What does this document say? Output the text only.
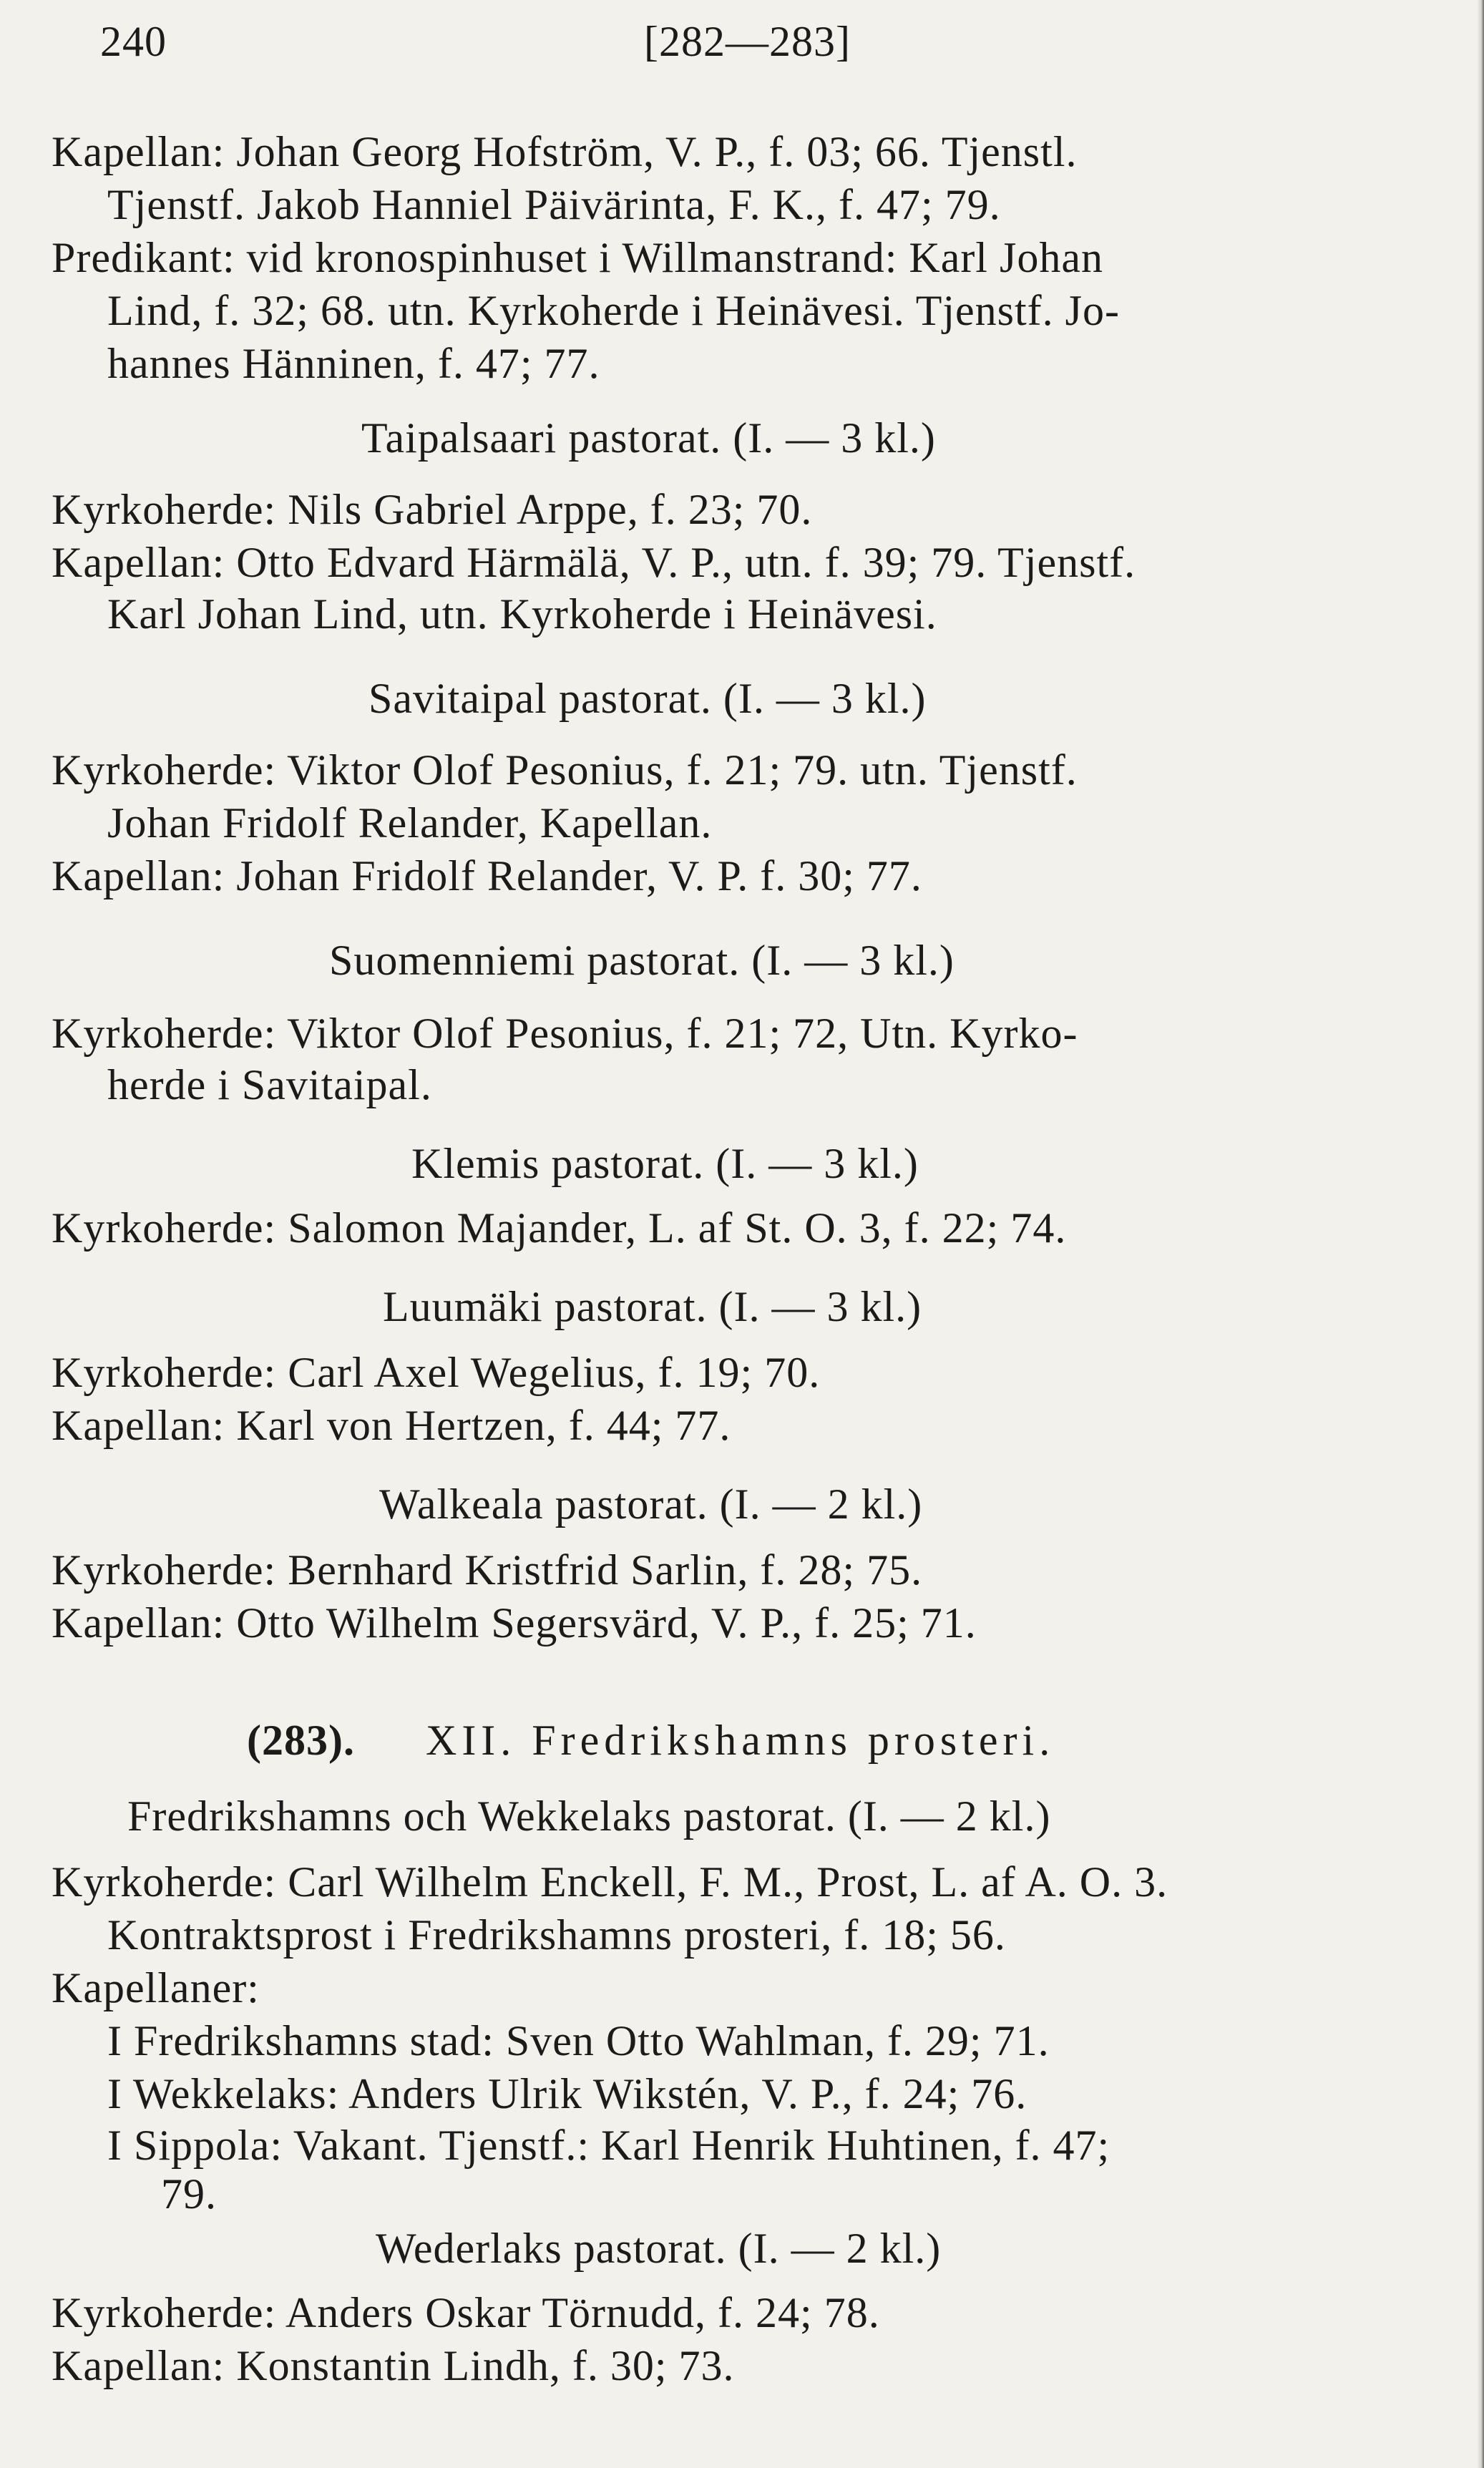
240	[282—283]
Kapellan: Johan Georg Hofström, V. P., f. 03; 66. Tjenstl.
Tjenstf. Jakob Hanniel Päivärinta, F. K., f. 47; 79.
Predikant: vid kronospinhuset i Willmanstrand: Karl Johan
Lind, f. 32; 68. utn. Kyrkoherde i Heinävesi. Tjenstf. Jo-
hannes Hänninen, f. 47; 77.
Taipalsaari pastorat. (I. — 3 kl.)
Kyrkoherde: Nils Gabriel Arppe, f. 23; 70.
Kapellan: Otto Edvard Härmälä, V. P., utn. f. 39; 79. Tjenstf.
Karl Johan Lind, utn. Kyrkoherde i Heinävesi.
Savitaipal pastorat. (I. — 3 kl.)
Kyrkoherde: Viktor Olof Pesonius, f. 21; 79. utn. Tjenstf.
Johan Fridolf Relander, Kapellan.
Kapellan: Johan Fridolf Relander, V. P. f. 30; 77.
Suomenniemi pastorat. (I. — 3 kl.)
Kyrkoherde: Viktor Olof Pesonius, f. 21; 72, Utn. Kyrko-
herde i Savitaipal.
Klemis pastorat. (I. — 3 kl.)
Kyrkoherde: Salomon Majander, L. af St. O. 3, f. 22; 74.
Luumäki pastorat. (I. — 3 kl.)
Kyrkoherde: Carl Axel Wegelius, f. 19; 70.
Kapellan: Karl von Hertzen, f. 44; 77.
Walkeala pastorat. (I. — 2 kl.)
Kyrkoherde: Bernhard Kristfrid Sarlin, f. 28; 75.
Kapellan: Otto Wilhelm Segersvärd, V. P., f. 25; 71.
(283). XII. Fredrikshamns prosteri.
Fredrikshamns och Wekkelaks pastorat. (I. — 2 kl.)
Kyrkoherde: Carl Wilhelm Enckell, F. M., Prost, L. af A. O. 3.
Kontraktsprost i Fredrikshamns prosteri, f. 18; 56.
Kapellaner:
I Fredrikshamns stad: Sven Otto Wahlman, f. 29; 71.
I Wekkelaks: Anders Ulrik Wikstén, V. P., f. 24; 76.
I Sippola: Vakant. Tjenstf.: Karl Henrik Huhtinen, f. 47;
79.
Wederlaks pastorat. (I. — 2 kl.)
Kyrkoherde: Anders Oskar Törnudd, f. 24; 78.
Kapellan: Konstantin Lindh, f. 30; 73.
